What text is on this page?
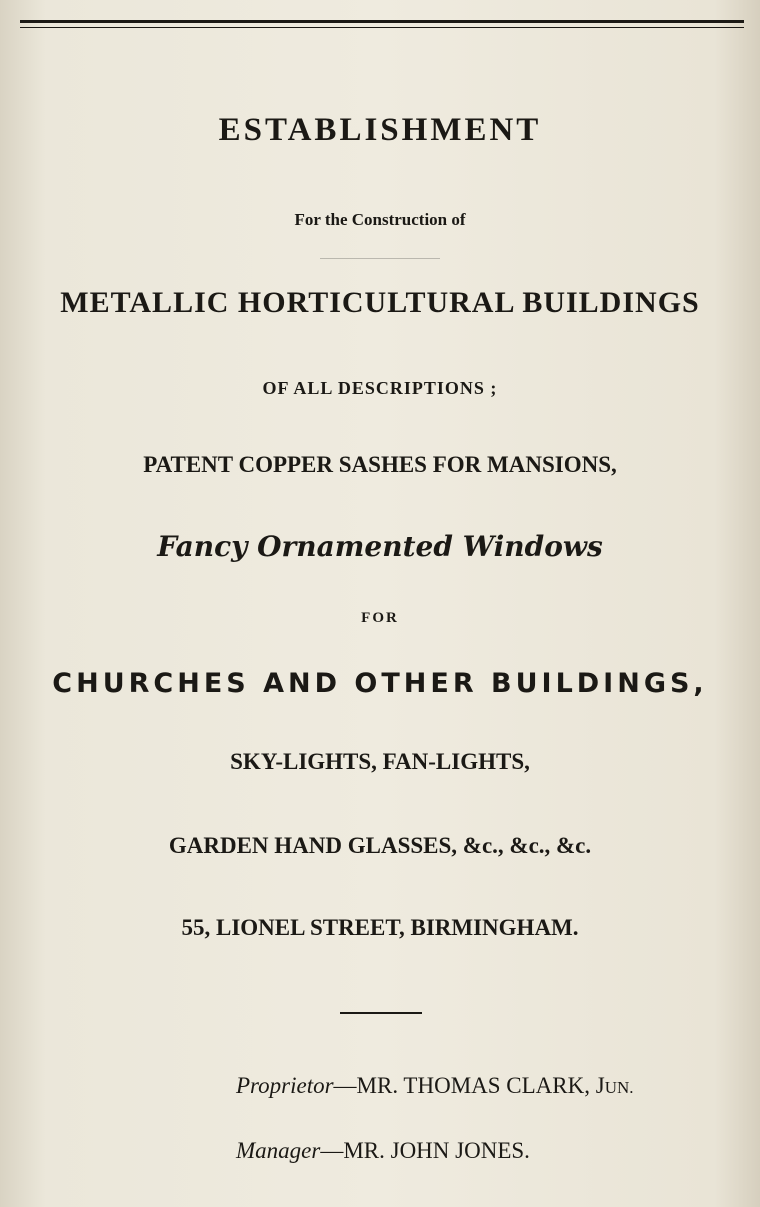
ESTABLISHMENT
For the Construction of
METALLIC HORTICULTURAL BUILDINGS
OF ALL DESCRIPTIONS ;
PATENT COPPER SASHES FOR MANSIONS,
Fancy Ornamented Windows
FOR
CHURCHES AND OTHER BUILDINGS,
SKY-LIGHTS, FAN-LIGHTS,
GARDEN HAND GLASSES, &c., &c., &c.
55, LIONEL STREET, BIRMINGHAM.
Proprietor—MR. THOMAS CLARK, JUN.
Manager—MR. JOHN JONES.
